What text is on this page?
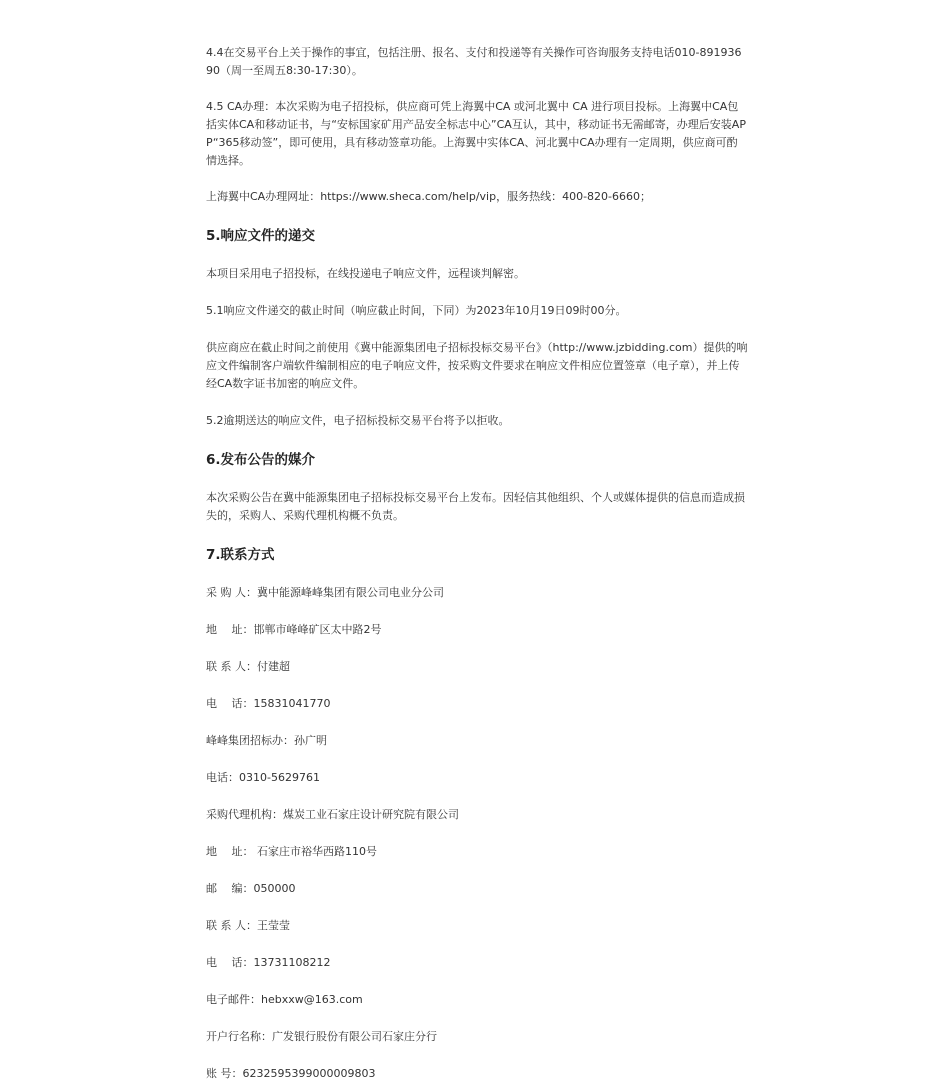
4.4在交易平台上关于操作的事宜，包括注册、报名、支付和投递等有关操作可咨询服务支持电话010-89193690（周一至周五8:30-17:30）。

4.5 CA办理：本次采购为电子招投标，供应商可凭上海翼中CA 或河北翼中 CA 进行项目投标。上海翼中CA包括实体CA和移动证书，与“安标国家矿用产品安全标志中心”CA互认，其中，移动证书无需邮寄，办理后安装APP“365移动签”，即可使用，具有移动签章功能。上海翼中实体CA、河北翼中CA办理有一定周期，供应商可酌情选择。

上海翼中CA办理网址：https://www.sheca.com/help/vip，服务热线：400-820-6660；

5.响应文件的递交

本项目采用电子招投标，在线投递电子响应文件，远程谈判解密。

5.1响应文件递交的截止时间（响应截止时间，下同）为2023年10月19日09时00分。

供应商应在截止时间之前使用《冀中能源集团电子招标投标交易平台》（http://www.jzbidding.com）提供的响应文件编制客户端软件编制相应的电子响应文件，按采购文件要求在响应文件相应位置签章（电子章），并上传经CA数字证书加密的响应文件。

5.2逾期送达的响应文件，电子招标投标交易平台将予以拒收。

6.发布公告的媒介

本次采购公告在冀中能源集团电子招标投标交易平台上发布。因轻信其他组织、个人或媒体提供的信息而造成损失的，采购人、采购代理机构概不负责。

7.联系方式

采 购 人：冀中能源峰峰集团有限公司电业分公司

地　 址：邯郸市峰峰矿区太中路2号

联 系 人：付建超

电　 话：15831041770

峰峰集团招标办：孙广明

电话：0310-5629761

采购代理机构：煤炭工业石家庄设计研究院有限公司

地　 址： 石家庄市裕华西路110号

邮　 编：050000

联 系 人：王莹莹

电　 话：13731108212

电子邮件：hebxxw@163.com

开户行名称：广发银行股份有限公司石家庄分行

账 号：6232595399000009803
